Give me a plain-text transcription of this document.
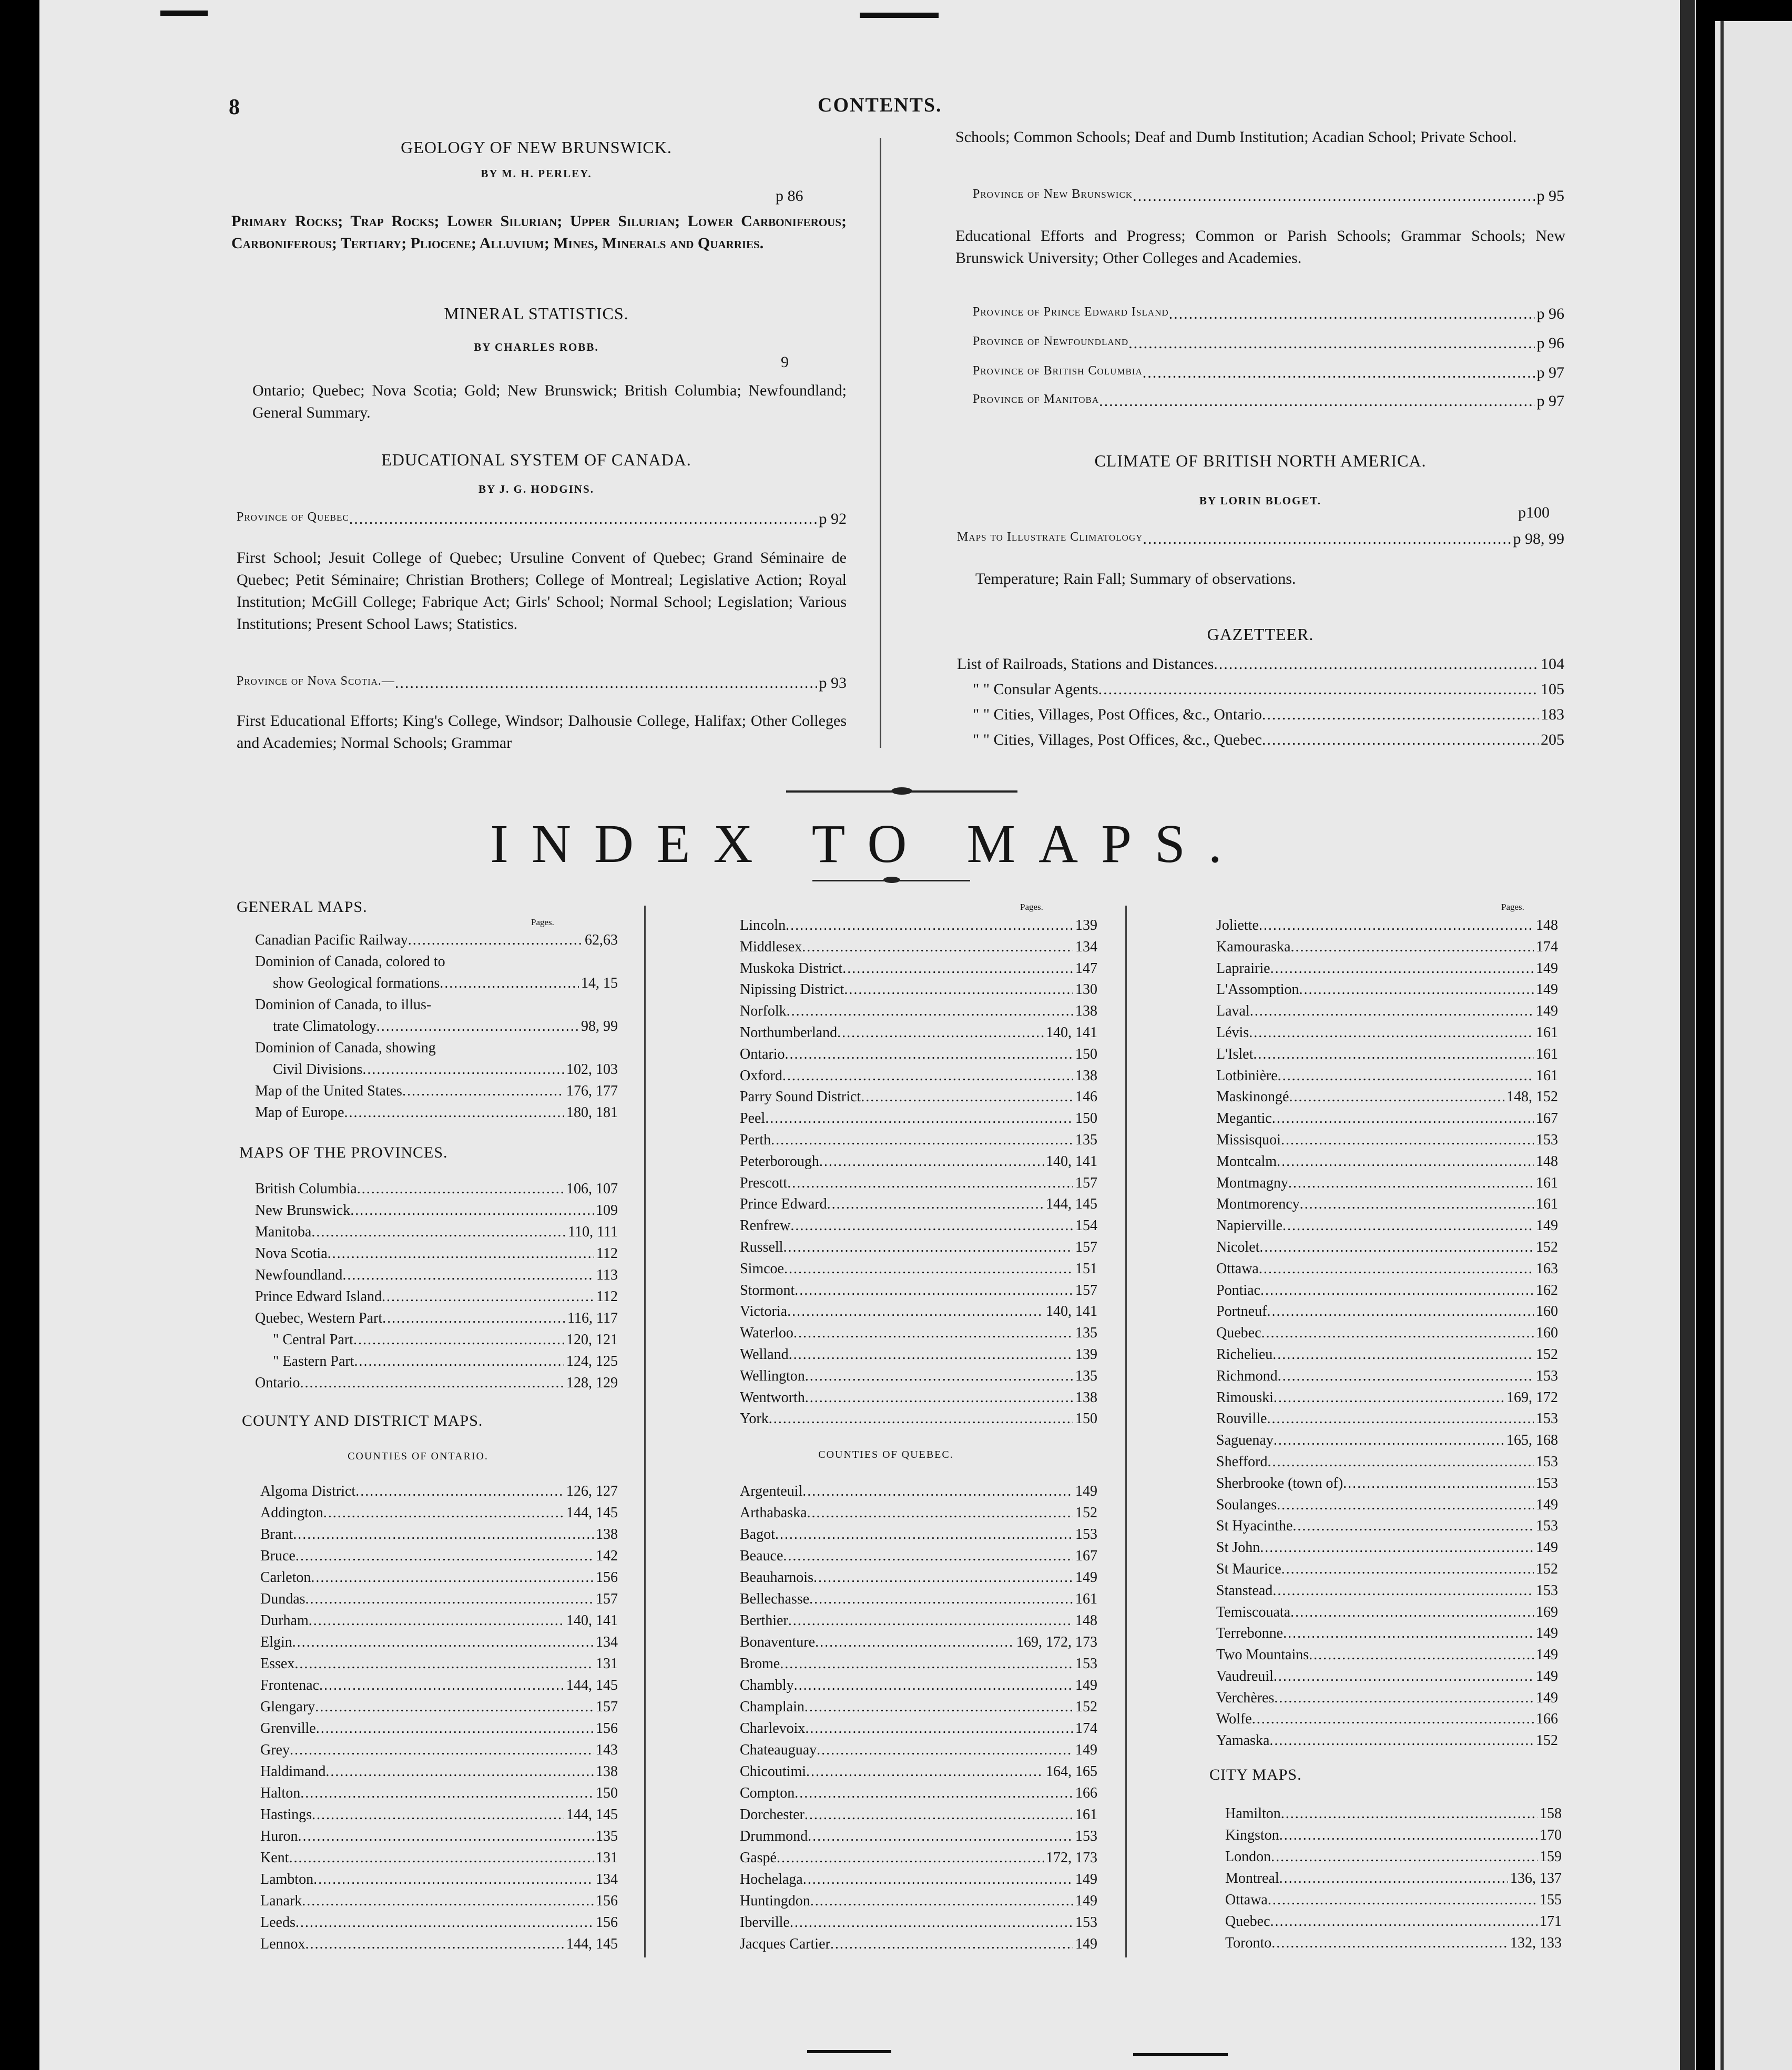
8	CONTENTS.
GEOLOGY OF NEW BRUNSWICK.
BY M. H. PERLEY.
p 86
Primary Rocks; Trap Rocks; Lower Silurian; Upper Silurian; Lower Carboniferous; Carboniferous; Tertiary; Pliocene; Alluvium; Mines, Minerals and Quarries.
MINERAL STATISTICS.
BY CHARLES ROBB.
9
Ontario; Quebec; Nova Scotia; Gold; New Brunswick; British Columbia; Newfoundland; General Summary.
EDUCATIONAL SYSTEM OF CANADA.
BY J. G. HODGINS.
Province of Quebec .....	p 92
First School; Jesuit College of Quebec; Ursuline Convent of Quebec; Grand Séminaire de Quebec; Petit Séminaire; Christian Brothers; College of Montreal; Legislative Action; Royal Institution; McGill College; Fabrique Act; Girls' School; Normal School; Legislation; Various Institutions; Present School Laws; Statistics.
Province of Nova Scotia.— .....	p 93
First Educational Efforts; King's College, Windsor; Dalhousie College, Halifax; Other Colleges and Academies; Normal Schools; Grammar
Schools; Common Schools; Deaf and Dumb Institution; Acadian School; Private School.
Province of New Brunswick .....	p 95
Educational Efforts and Progress; Common or Parish Schools; Grammar Schools; New Brunswick University; Other Colleges and Academies.
Province of Prince Edward Island .....	p 96
Province of Newfoundland .....	p 96
Province of British Columbia .....	p 97
Province of Manitoba .....	p 97
CLIMATE OF BRITISH NORTH AMERICA.
BY LORIN BLOGET.
p100
Maps to Illustrate Climatology .....	p 98, 99
Temperature; Rain Fall; Summary of observations.
GAZETTEER.
List of Railroads, Stations and Distances .....	104
" " Consular Agents .....	105
" " Cities, Villages, Post Offices, &c., Ontario .....	183
" " Cities, Villages, Post Offices, &c., Quebec .....	205
INDEX TO MAPS.
GENERAL MAPS.
Pages.
Canadian Pacific Railway .....	62,63
Dominion of Canada, colored to
show Geological formations .....	14, 15
Dominion of Canada, to illus-
trate Climatology .....	98, 99
Dominion of Canada, showing
Civil Divisions .....	102, 103
Map of the United States .....	176, 177
Map of Europe .....	180, 181
MAPS OF THE PROVINCES.
British Columbia .....	106, 107
New Brunswick .....	109
Manitoba .....	110, 111
Nova Scotia .....	112
Newfoundland .....	113
Prince Edward Island .....	112
Quebec, Western Part .....	116, 117
" Central Part .....	120, 121
" Eastern Part .....	124, 125
Ontario .....	128, 129
COUNTY AND DISTRICT MAPS.
COUNTIES OF ONTARIO.
Algoma District .....	126, 127
Addington .....	144, 145
Brant .....	138
Bruce .....	142
Carleton .....	156
Dundas .....	157
Durham .....	140, 141
Elgin .....	134
Essex .....	131
Frontenac .....	144, 145
Glengary .....	157
Grenville .....	156
Grey .....	143
Haldimand .....	138
Halton .....	150
Hastings .....	144, 145
Huron .....	135
Kent .....	131
Lambton .....	134
Lanark .....	156
Leeds .....	156
Lennox .....	144, 145
Pages.
Lincoln .....	139
Middlesex .....	134
Muskoka District .....	147
Nipissing District .....	130
Norfolk .....	138
Northumberland .....	140, 141
Ontario .....	150
Oxford .....	138
Parry Sound District .....	146
Peel .....	150
Perth .....	135
Peterborough .....	140, 141
Prescott .....	157
Prince Edward .....	144, 145
Renfrew .....	154
Russell .....	157
Simcoe .....	151
Stormont .....	157
Victoria .....	140, 141
Waterloo .....	135
Welland .....	139
Wellington .....	135
Wentworth .....	138
York .....	150
COUNTIES OF QUEBEC.
Argenteuil .....	149
Arthabaska .....	152
Bagot .....	153
Beauce .....	167
Beauharnois .....	149
Bellechasse .....	161
Berthier .....	148
Bonaventure .....	169, 172, 173
Brome .....	153
Chambly .....	149
Champlain .....	152
Charlevoix .....	174
Chateauguay .....	149
Chicoutimi .....	164, 165
Compton .....	166
Dorchester .....	161
Drummond .....	153
Gaspé .....	172, 173
Hochelaga .....	149
Huntingdon .....	149
Iberville .....	153
Jacques Cartier .....	149
Pages.
Joliette .....	148
Kamouraska .....	174
Laprairie .....	149
L'Assomption .....	149
Laval .....	149
Lévis .....	161
L'Islet .....	161
Lotbinière .....	161
Maskinongé .....	148, 152
Megantic .....	167
Missisquoi .....	153
Montcalm .....	148
Montmagny .....	161
Montmorency .....	161
Napierville .....	149
Nicolet .....	152
Ottawa .....	163
Pontiac .....	162
Portneuf .....	160
Quebec .....	160
Richelieu .....	152
Richmond .....	153
Rimouski .....	169, 172
Rouville .....	153
Saguenay .....	165, 168
Shefford .....	153
Sherbrooke (town of) .....	153
Soulanges .....	149
St Hyacinthe .....	153
St John .....	149
St Maurice .....	152
Stanstead .....	153
Temiscouata .....	169
Terrebonne .....	149
Two Mountains .....	149
Vaudreuil .....	149
Verchères .....	149
Wolfe .....	166
Yamaska .....	152
CITY MAPS.
Hamilton .....	158
Kingston .....	170
London .....	159
Montreal .....	136, 137
Ottawa .....	155
Quebec .....	171
Toronto .....	132, 133
